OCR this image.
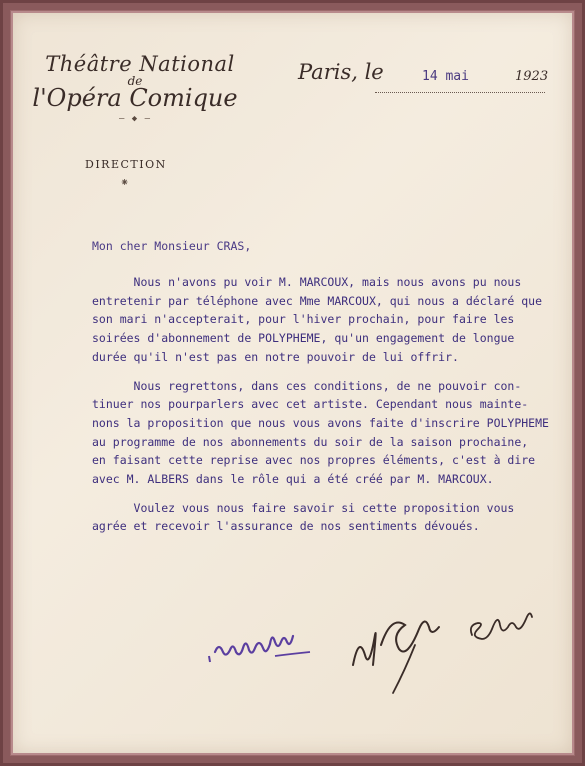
Théâtre National
de
l'Opéra Comique
— ◆ —
DIRECTION
⁕
Paris, le	14 mai	1923
Mon cher Monsieur CRAS,
Nous n'avons pu voir M. MARCOUX, mais nous avons pu nous
entretenir par téléphone avec Mme MARCOUX, qui nous a déclaré que
son mari n'accepterait, pour l'hiver prochain, pour faire les
soirées d'abonnement de POLYPHEME, qu'un engagement de longue
durée qu'il n'est pas en notre pouvoir de lui offrir.
Nous regrettons, dans ces conditions, de ne pouvoir con-
tinuer nos pourparlers avec cet artiste. Cependant nous mainte-
nons la proposition que nous vous avons faite d'inscrire POLYPHEME
au programme de nos abonnements du soir de la saison prochaine,
en faisant cette reprise avec nos propres éléments, c'est à dire
avec M. ALBERS dans le rôle qui a été créé par M. MARCOUX.
Voulez vous nous faire savoir si cette proposition vous
agrée et recevoir l'assurance de nos sentiments dévoués.
